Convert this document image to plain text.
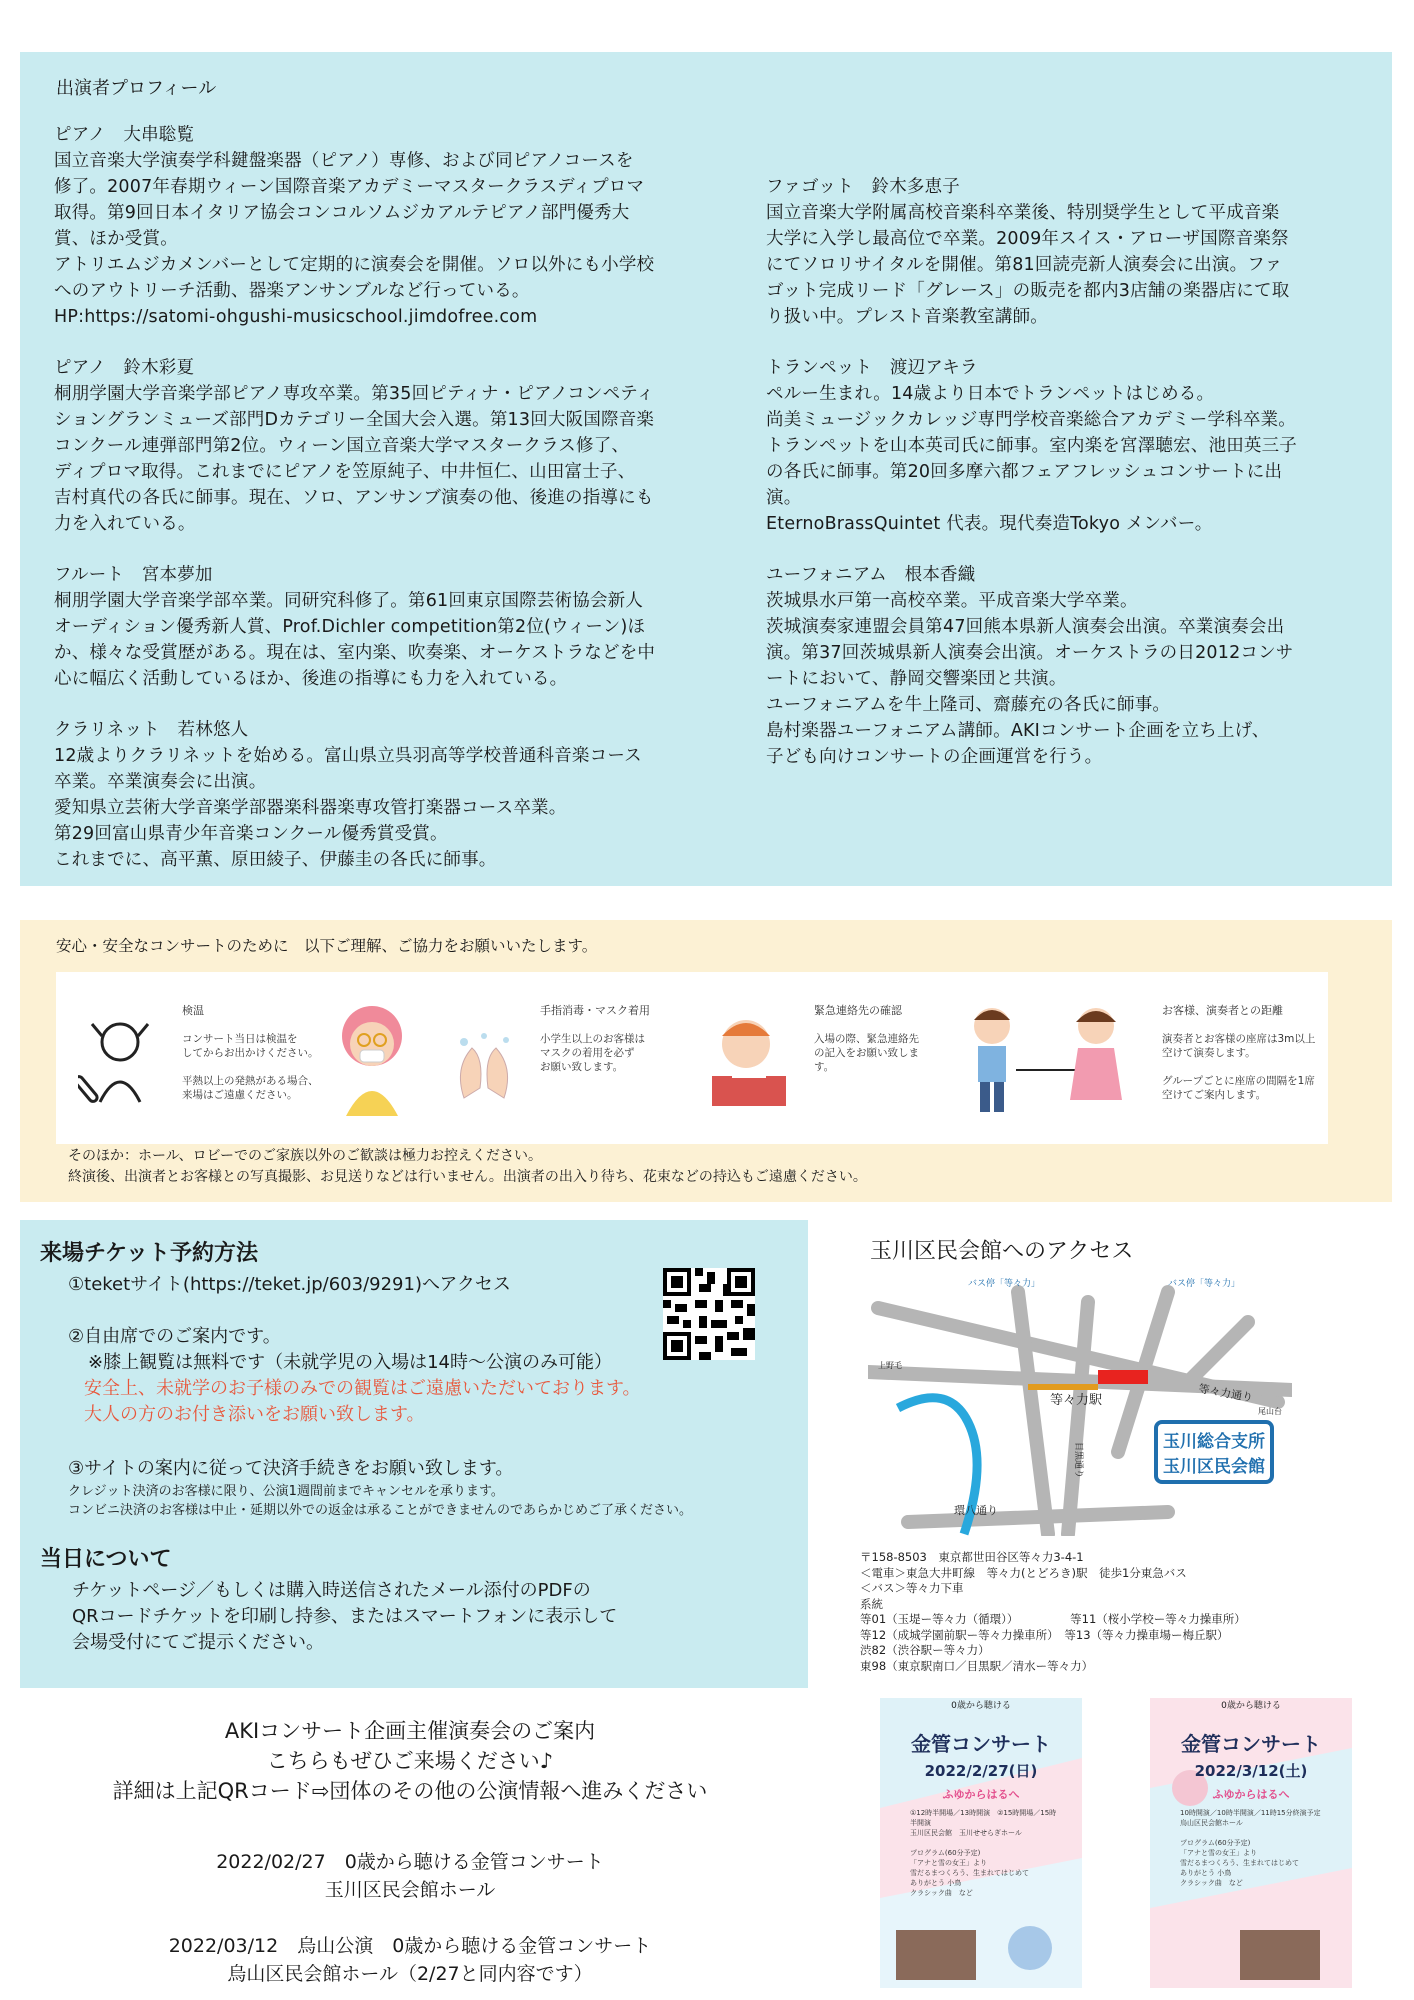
出演者プロフィール
ピアノ　大串聡覧
国立音楽大学演奏学科鍵盤楽器（ピアノ）専修、および同ピアノコースを
修了。2007年春期ウィーン国際音楽アカデミーマスタークラスディプロマ
取得。第9回日本イタリア協会コンコルソムジカアルテピアノ部門優秀大
賞、ほか受賞。
アトリエムジカメンバーとして定期的に演奏会を開催。ソロ以外にも小学校
へのアウトリーチ活動、器楽アンサンブルなど行っている。
HP:https://satomi-ohgushi-musicschool.jimdofree.com
ピアノ　鈴木彩夏
桐朋学園大学音楽学部ピアノ専攻卒業。第35回ピティナ・ピアノコンペティ
ショングランミューズ部門Dカテゴリー全国大会入選。第13回大阪国際音楽
コンクール連弾部門第2位。ウィーン国立音楽大学マスタークラス修了、
ディプロマ取得。これまでにピアノを笠原純子、中井恒仁、山田富士子、
吉村真代の各氏に師事。現在、ソロ、アンサンブ演奏の他、後進の指導にも
力を入れている。
フルート　宮本夢加
桐朋学園大学音楽学部卒業。同研究科修了。第61回東京国際芸術協会新人
オーディション優秀新人賞、Prof.Dichler competition第2位(ウィーン)ほ
か、様々な受賞歴がある。現在は、室内楽、吹奏楽、オーケストラなどを中
心に幅広く活動しているほか、後進の指導にも力を入れている。
クラリネット　若林悠人
12歳よりクラリネットを始める。富山県立呉羽高等学校普通科音楽コース
卒業。卒業演奏会に出演。
愛知県立芸術大学音楽学部器楽科器楽専攻管打楽器コース卒業。
第29回富山県青少年音楽コンクール優秀賞受賞。
これまでに、高平薫、原田綾子、伊藤圭の各氏に師事。
ファゴット　鈴木多恵子
国立音楽大学附属高校音楽科卒業後、特別奨学生として平成音楽
大学に入学し最高位で卒業。2009年スイス・アローザ国際音楽祭
にてソロリサイタルを開催。第81回読売新人演奏会に出演。ファ
ゴット完成リード「グレース」の販売を都内3店舗の楽器店にて取
り扱い中。プレスト音楽教室講師。
トランペット　渡辺アキラ
ペルー生まれ。14歳より日本でトランペットはじめる。
尚美ミュージックカレッジ専門学校音楽総合アカデミー学科卒業。
トランペットを山本英司氏に師事。室内楽を宮澤聴宏、池田英三子
の各氏に師事。第20回多摩六都フェアフレッシュコンサートに出
演。
EternoBrassQuintet 代表。現代奏造Tokyo メンバー。
ユーフォニアム　根本香織
茨城県水戸第一高校卒業。平成音楽大学卒業。
茨城演奏家連盟会員第47回熊本県新人演奏会出演。卒業演奏会出
演。第37回茨城県新人演奏会出演。オーケストラの日2012コンサ
ートにおいて、静岡交響楽団と共演。
ユーフォニアムを牛上隆司、齋藤充の各氏に師事。
島村楽器ユーフォニアム講師。AKIコンサート企画を立ち上げ、
子ども向けコンサートの企画運営を行う。
安心・安全なコンサートのために　以下ご理解、ご協力をお願いいたします。
検温
コンサート当日は検温を
してからお出かけください。

平熱以上の発熱がある場合、
来場はご遠慮ください。
手指消毒・マスク着用
小学生以上のお客様は
マスクの着用を必ず
お願い致します。
緊急連絡先の確認
入場の際、緊急連絡先
の記入をお願い致しま
す。
お客様、演奏者との距離
演奏者とお客様の座席は3m以上
空けて演奏します。

グループごとに座席の間隔を1席
空けてご案内します。
そのほか：ホール、ロビーでのご家族以外のご歓談は極力お控えください。
終演後、出演者とお客様との写真撮影、お見送りなどは行いません。出演者の出入り待ち、花束などの持込もご遠慮ください。
来場チケット予約方法
①teketサイト(https://teket.jp/603/9291)へアクセス
②自由席でのご案内です。
※膝上観覧は無料です（未就学児の入場は14時～公演のみ可能）
安全上、未就学のお子様のみでの観覧はご遠慮いただいております。
大人の方のお付き添いをお願い致します。
③サイトの案内に従って決済手続きをお願い致します。
クレジット決済のお客様に限り、公演1週間前までキャンセルを承ります。
コンビニ決済のお客様は中止・延期以外での返金は承ることができませんのであらかじめご了承ください。
当日について
チケットページ／もしくは購入時送信されたメール添付のPDFの
QRコードチケットを印刷し持参、またはスマートフォンに表示して
会場受付にてご提示ください。
玉川区民会館へのアクセス
等々力駅	等々力通り
環八通り
目黒通り
上野毛
尾山台
バス停「等々力」	バス停「等々力」
玉川総合支所
玉川区民会館
〒158-8503　東京都世田谷区等々力3-4-1
＜電車＞東急大井町線　等々力(とどろき)駅　徒歩1分東急バス
＜バス＞等々力下車
系統
等01（玉堤ー等々力（循環））　　　　　等11（桜小学校ー等々力操車所）
等12（成城学園前駅ー等々力操車所）　等13（等々力操車場ー梅丘駅）
渋82（渋谷駅ー等々力）
東98（東京駅南口／目黒駅／清水ー等々力）
AKIコンサート企画主催演奏会のご案内
こちらもぜひご来場ください♪
詳細は上記QRコード⇨団体のその他の公演情報へ進みください
2022/02/27　0歳から聴ける金管コンサート
玉川区民会館ホール
2022/03/12　烏山公演　0歳から聴ける金管コンサート
烏山区民会館ホール（2/27と同内容です）
0歳から聴ける
金管コンサート
2022/2/27(日)
ふゆからはるへ
①12時半開場／13時開演　②15時開場／15時半開演
玉川区民会館　玉川せせらぎホール

プログラム(60分予定)
「アナと雪の女王」より
雪だるまつくろう、生まれてはじめて
ありがとう 小鳥
クラシック曲　など
0歳から聴ける
金管コンサート
2022/3/12(土)
ふゆからはるへ
10時開演／10時半開演／11時15分終演予定
烏山区民会館ホール

プログラム(60分予定)
「アナと雪の女王」より
雪だるまつくろう、生まれてはじめて
ありがとう 小鳥
クラシック曲　など
